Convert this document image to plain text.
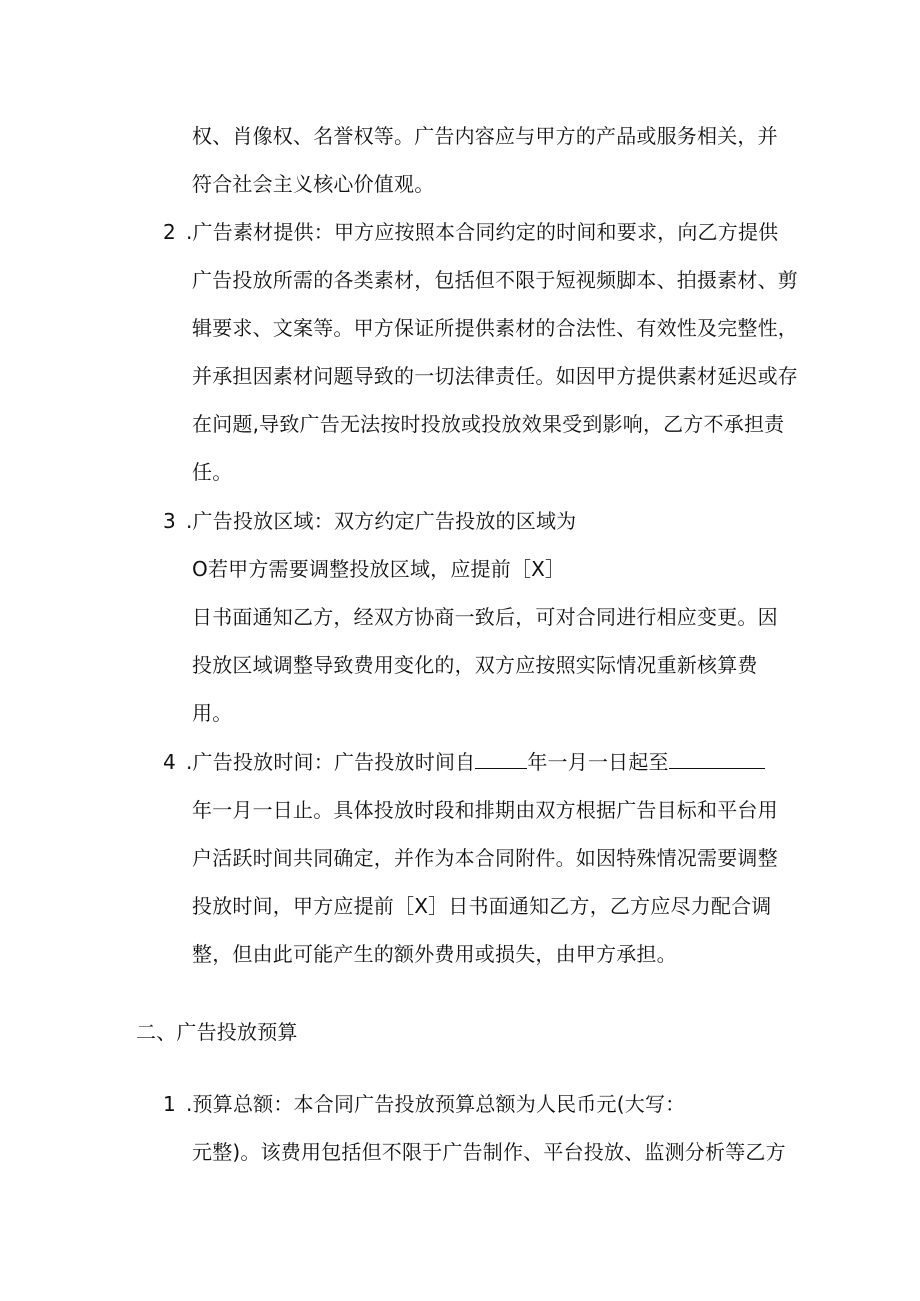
权、肖像权、名誉权等。广告内容应与甲方的产品或服务相关，并
符合社会主义核心价值观。
2 .广告素材提供：甲方应按照本合同约定的时间和要求，向乙方提供
广告投放所需的各类素材，包括但不限于短视频脚本、拍摄素材、剪
辑要求、文案等。甲方保证所提供素材的合法性、有效性及完整性，
并承担因素材问题导致的一切法律责任。如因甲方提供素材延迟或存
在问题,导致广告无法按时投放或投放效果受到影响，乙方不承担责
任。
3 .广告投放区域：双方约定广告投放的区域为
O若甲方需要调整投放区域，应提前［X］
日书面通知乙方，经双方协商一致后，可对合同进行相应变更。因
投放区域调整导致费用变化的，双方应按照实际情况重新核算费
用。
4 .广告投放时间：广告投放时间自	年一月一日起至
年一月一日止。具体投放时段和排期由双方根据广告目标和平台用
户活跃时间共同确定，并作为本合同附件。如因特殊情况需要调整
投放时间，甲方应提前［X］日书面通知乙方，乙方应尽力配合调
整，但由此可能产生的额外费用或损失，由甲方承担。
二、广告投放预算
1 .预算总额：本合同广告投放预算总额为人民币元(大写：
元整)。该费用包括但不限于广告制作、平台投放、监测分析等乙方
